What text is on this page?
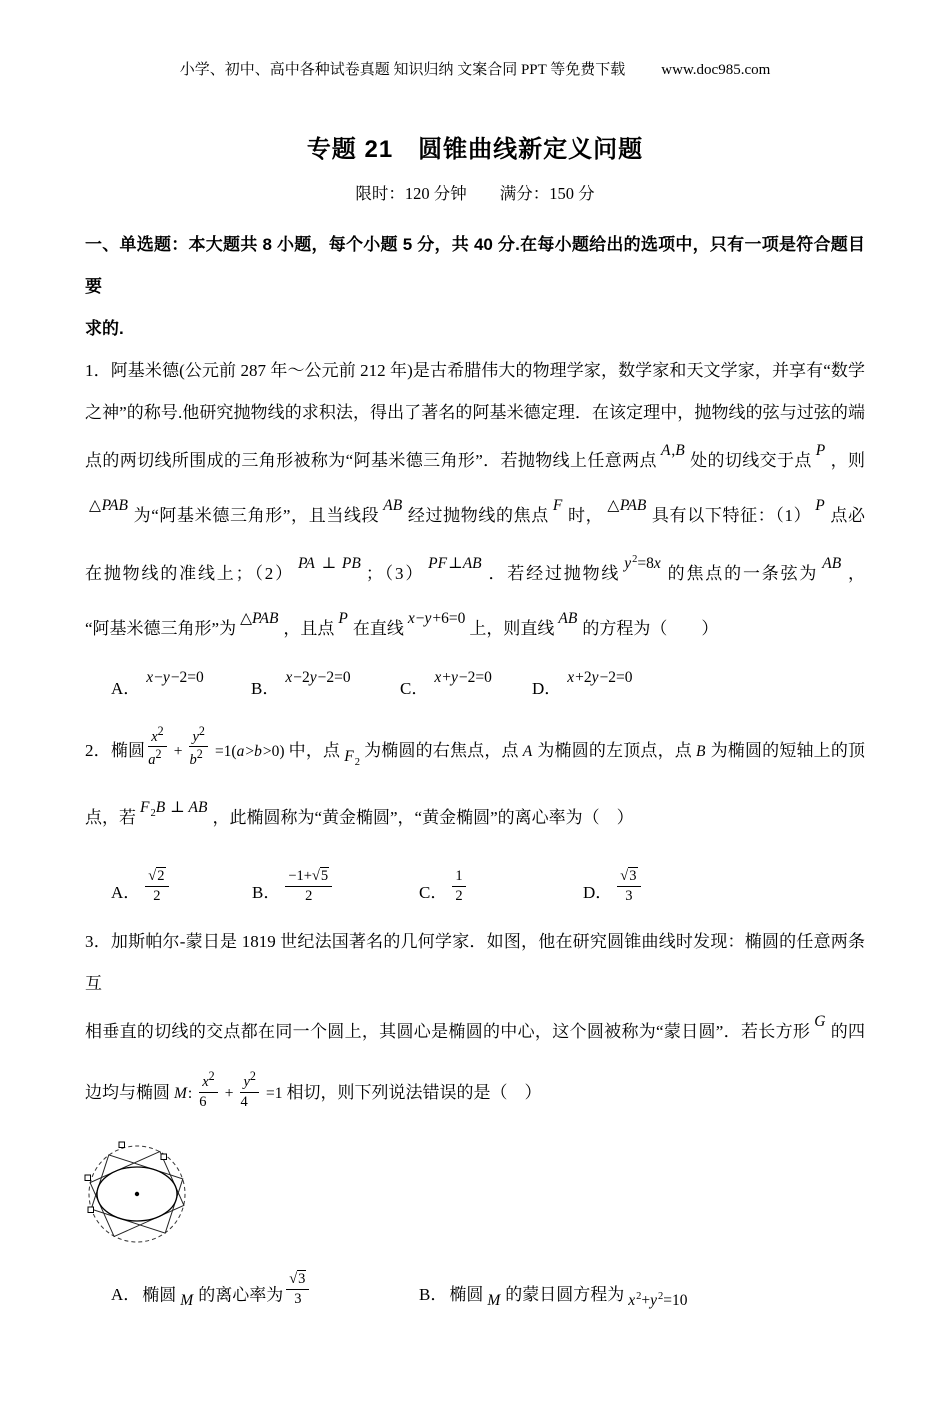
小学、初中、高中各种试卷真题 知识归纳 文案合同 PPT 等免费下载 www.doc985.com
专题 21　圆锥曲线新定义问题
限时：120 分钟　　满分：150 分
一、单选题：本大题共 8 小题，每个小题 5 分，共 40 分.在每小题给出的选项中，只有一项是符合题目要
求的.
1．阿基米德(公元前 287 年～公元前 212 年)是古希腊伟大的物理学家，数学家和天文学家，并享有“数学
之神”的称号.他研究抛物线的求积法，得出了著名的阿基米德定理．在该定理中，抛物线的弦与过弦的端
点的两切线所围成的三角形被称为“阿基米德三角形”．若抛物线上任意两点A,B处的切线交于点P，则
△PAB为“阿基米德三角形”，且当线段AB经过抛物线的焦点F时，△PAB具有以下特征：（1）P点必
在抛物线的准线上；（2）PA ⊥ PB；（3）PF⊥AB．若经过抛物线$y^2=8x$的焦点的一条弦为AB，
“阿基米德三角形”为△PAB，且点P在直线x−y+6=0上，则直线AB的方程为（　　）
A．x−y−2=0
B．x−2y−2=0
C．x+y−2=0
D．x+2y−2=0
2．椭圆 $\frac{x^2}{a^2} + \frac{y^2}{b^2} =1(a>b>0)$ 中，点 $F_2$为椭圆的右焦点，点 A 为椭圆的左顶点，点 B 为椭圆的短轴上的顶
点，若$F_2B$ ⊥ AB，此椭圆称为“黄金椭圆”，“黄金椭圆”的离心率为（　）
A． $\frac{√2}{2}$	B． $\frac{-1+√5}{2}$	C． $\frac{1}{2}$	D． $\frac{√3}{3}$
3．加斯帕尔-蒙日是 1819 世纪法国著名的几何学家．如图，他在研究圆锥曲线时发现：椭圆的任意两条互
相垂直的切线的交点都在同一个圆上，其圆心是椭圆的中心，这个圆被称为“蒙日圆”．若长方形G的四
边均与椭圆 M: $\frac{x^2}{6} + \frac{y^2}{4} =1$ 相切，则下列说法错误的是（　）
A． 椭圆 M 的离心率为 $\frac{√3}{3}$	B． 椭圆 M 的蒙日圆方程为 $x^2+y^2=10$
